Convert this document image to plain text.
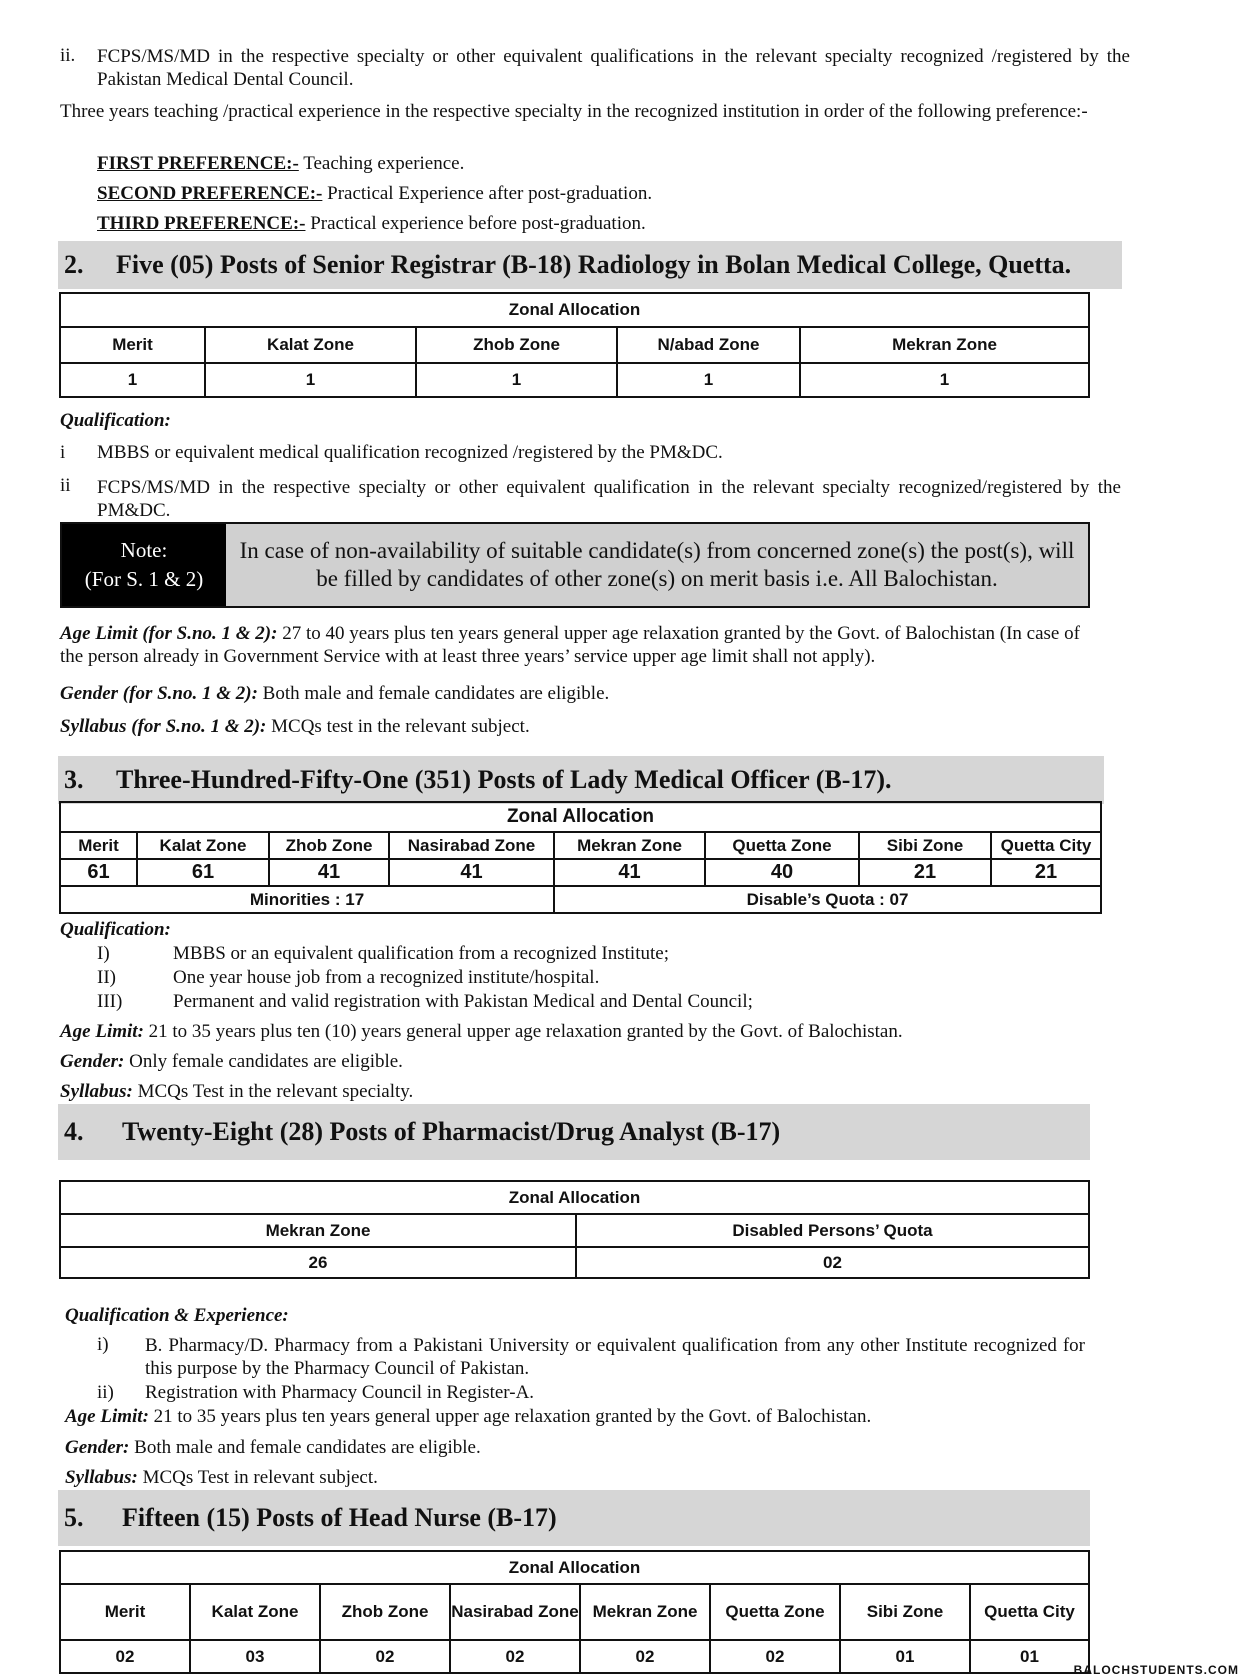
ii. FCPS/MS/MD in the respective specialty or other equivalent qualifications in the relevant specialty recognized /registered by the Pakistan Medical Dental Council.
Three years teaching /practical experience in the respective specialty in the recognized institution in order of the following preference:-
FIRST PREFERENCE:- Teaching experience.
SECOND PREFERENCE:- Practical Experience after post-graduation.
THIRD PREFERENCE:- Practical experience before post-graduation.
2. Five (05) Posts of Senior Registrar (B-18) Radiology in Bolan Medical College, Quetta.
Zonal Allocation				
Merit	Kalat Zone	Zhob Zone	N/abad Zone	Mekran Zone
1	1	1	1	1
Qualification:
i MBBS or equivalent medical qualification recognized /registered by the PM&DC.
ii FCPS/MS/MD in the respective specialty or other equivalent qualification in the relevant specialty recognized/registered by the PM&DC.
Note:
(For S. 1 & 2)
In case of non-availability of suitable candidate(s) from concerned zone(s) the post(s), will be filled by candidates of other zone(s) on merit basis i.e. All Balochistan.
Age Limit (for S.no. 1 & 2): 27 to 40 years plus ten years general upper age relaxation granted by the Govt. of Balochistan (In case of the person already in Government Service with at least three years’ service upper age limit shall not apply).
Gender (for S.no. 1 & 2): Both male and female candidates are eligible.
Syllabus (for S.no. 1 & 2): MCQs test in the relevant subject.
3. Three-Hundred-Fifty-One (351) Posts of Lady Medical Officer (B-17).
Zonal Allocation							
Merit	Kalat Zone	Zhob Zone	Nasirabad Zone	Mekran Zone	Quetta Zone	Sibi Zone	Quetta City
61	61	41	41	41	40	21	21
Minorities : 17				Disable’s Quota : 07			
Qualification:
I)	MBBS or an equivalent qualification from a recognized Institute;
II)	One year house job from a recognized institute/hospital.
III)	Permanent and valid registration with Pakistan Medical and Dental Council;
Age Limit: 21 to 35 years plus ten (10) years general upper age relaxation granted by the Govt. of Balochistan.
Gender: Only female candidates are eligible.
Syllabus: MCQs Test in the relevant specialty.
4. Twenty-Eight (28) Posts of Pharmacist/Drug Analyst (B-17)
Zonal Allocation	
Mekran Zone	Disabled Persons’ Quota
26	02
Qualification & Experience:
i) B. Pharmacy/D. Pharmacy from a Pakistani University or equivalent qualification from any other Institute recognized for this purpose by the Pharmacy Council of Pakistan.
ii) Registration with Pharmacy Council in Register-A.
Age Limit: 21 to 35 years plus ten years general upper age relaxation granted by the Govt. of Balochistan.
Gender: Both male and female candidates are eligible.
Syllabus: MCQs Test in relevant subject.
5. Fifteen (15) Posts of Head Nurse (B-17)
Zonal Allocation							
Merit	Kalat Zone	Zhob Zone	Nasirabad Zone	Mekran Zone	Quetta Zone	Sibi Zone	Quetta City
02	03	02	02	02	02	01	01
BALOCHSTUDENTS.COM
